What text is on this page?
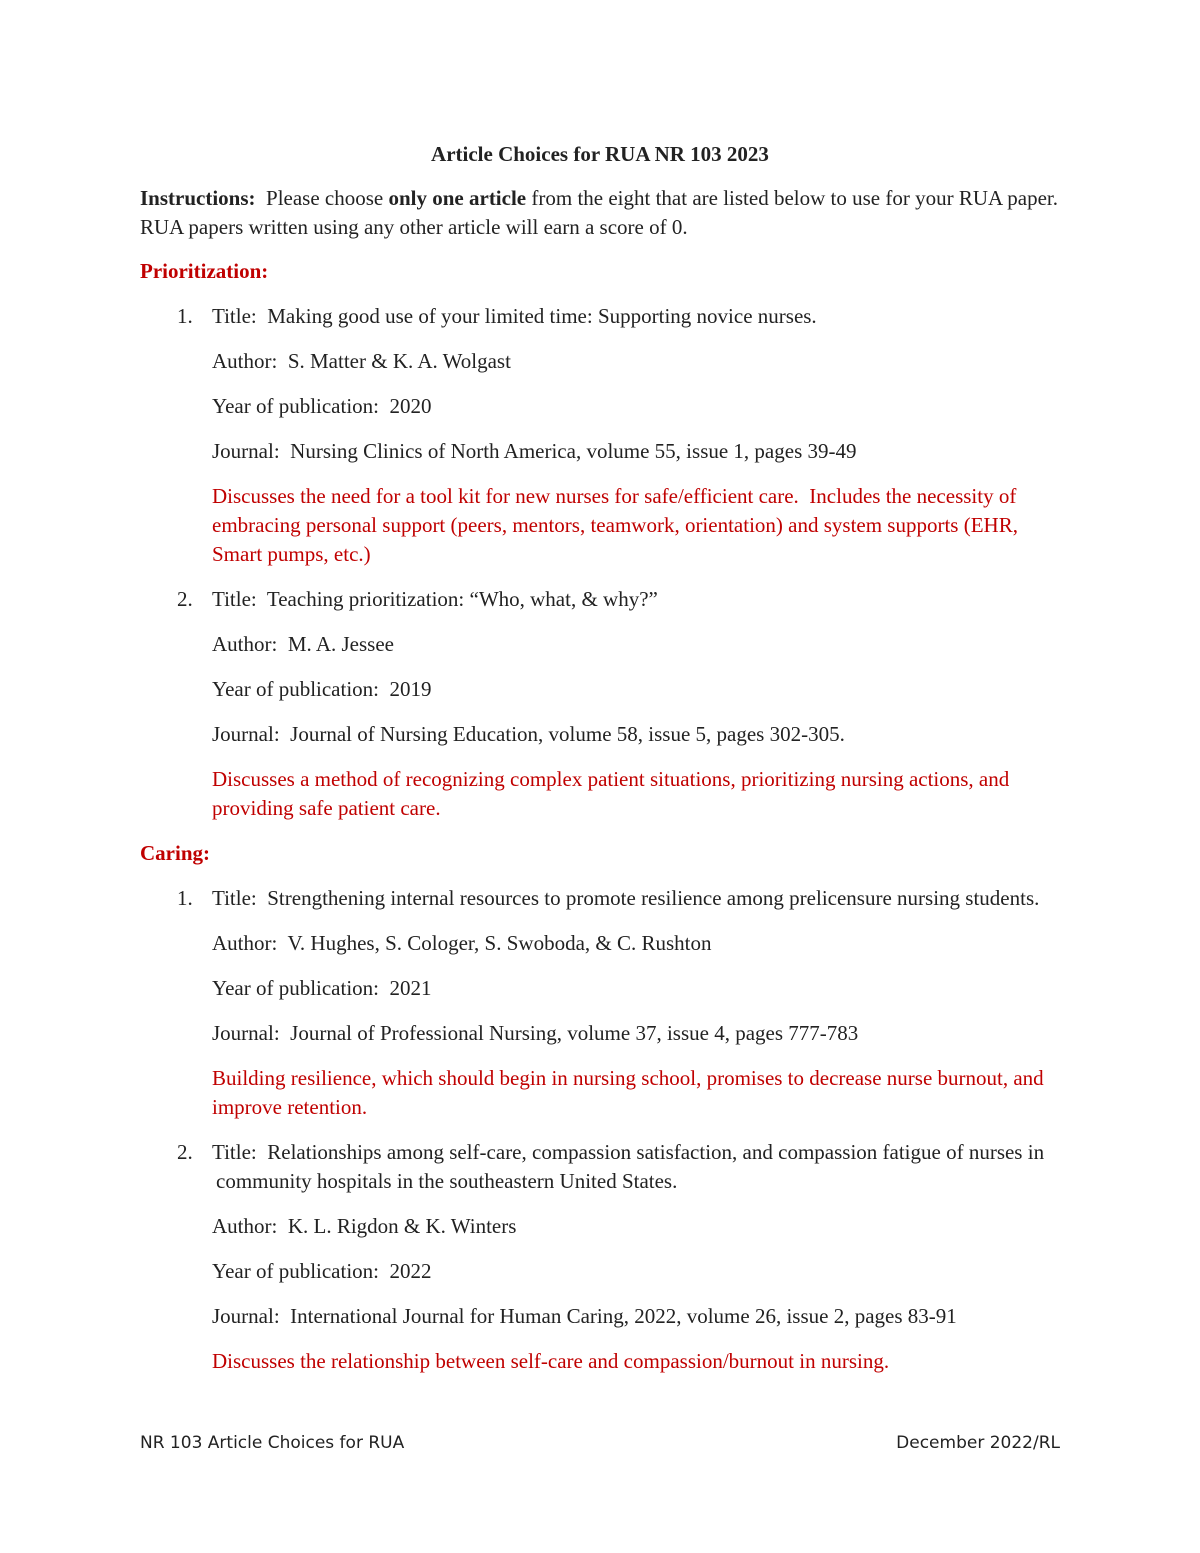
Article Choices for RUA NR 103 2023

Instructions:  Please choose only one article from the eight that are listed below to use for your RUA paper.  RUA papers written using any other article will earn a score of 0.

Prioritization:

1. Title:  Making good use of your limited time: Supporting novice nurses.

Author:  S. Matter & K. A. Wolgast

Year of publication:  2020

Journal:  Nursing Clinics of North America, volume 55, issue 1, pages 39-49

Discusses the need for a tool kit for new nurses for safe/efficient care.  Includes the necessity of embracing personal support (peers, mentors, teamwork, orientation) and system supports (EHR, Smart pumps, etc.)

2. Title:  Teaching prioritization: “Who, what, & why?”

Author:  M. A. Jessee

Year of publication:  2019

Journal:  Journal of Nursing Education, volume 58, issue 5, pages 302-305.

Discusses a method of recognizing complex patient situations, prioritizing nursing actions, and providing safe patient care.

Caring:

1. Title:  Strengthening internal resources to promote resilience among prelicensure nursing students.

Author:  V. Hughes, S. Cologer, S. Swoboda, & C. Rushton

Year of publication:  2021

Journal:  Journal of Professional Nursing, volume 37, issue 4, pages 777-783

Building resilience, which should begin in nursing school, promises to decrease nurse burnout, and improve retention.

2. Title:  Relationships among self-care, compassion satisfaction, and compassion fatigue of nurses in community hospitals in the southeastern United States.

Author:  K. L. Rigdon & K. Winters

Year of publication:  2022

Journal:  International Journal for Human Caring, 2022, volume 26, issue 2, pages 83-91

Discusses the relationship between self-care and compassion/burnout in nursing.

NR 103 Article Choices for RUA	December 2022/RL
